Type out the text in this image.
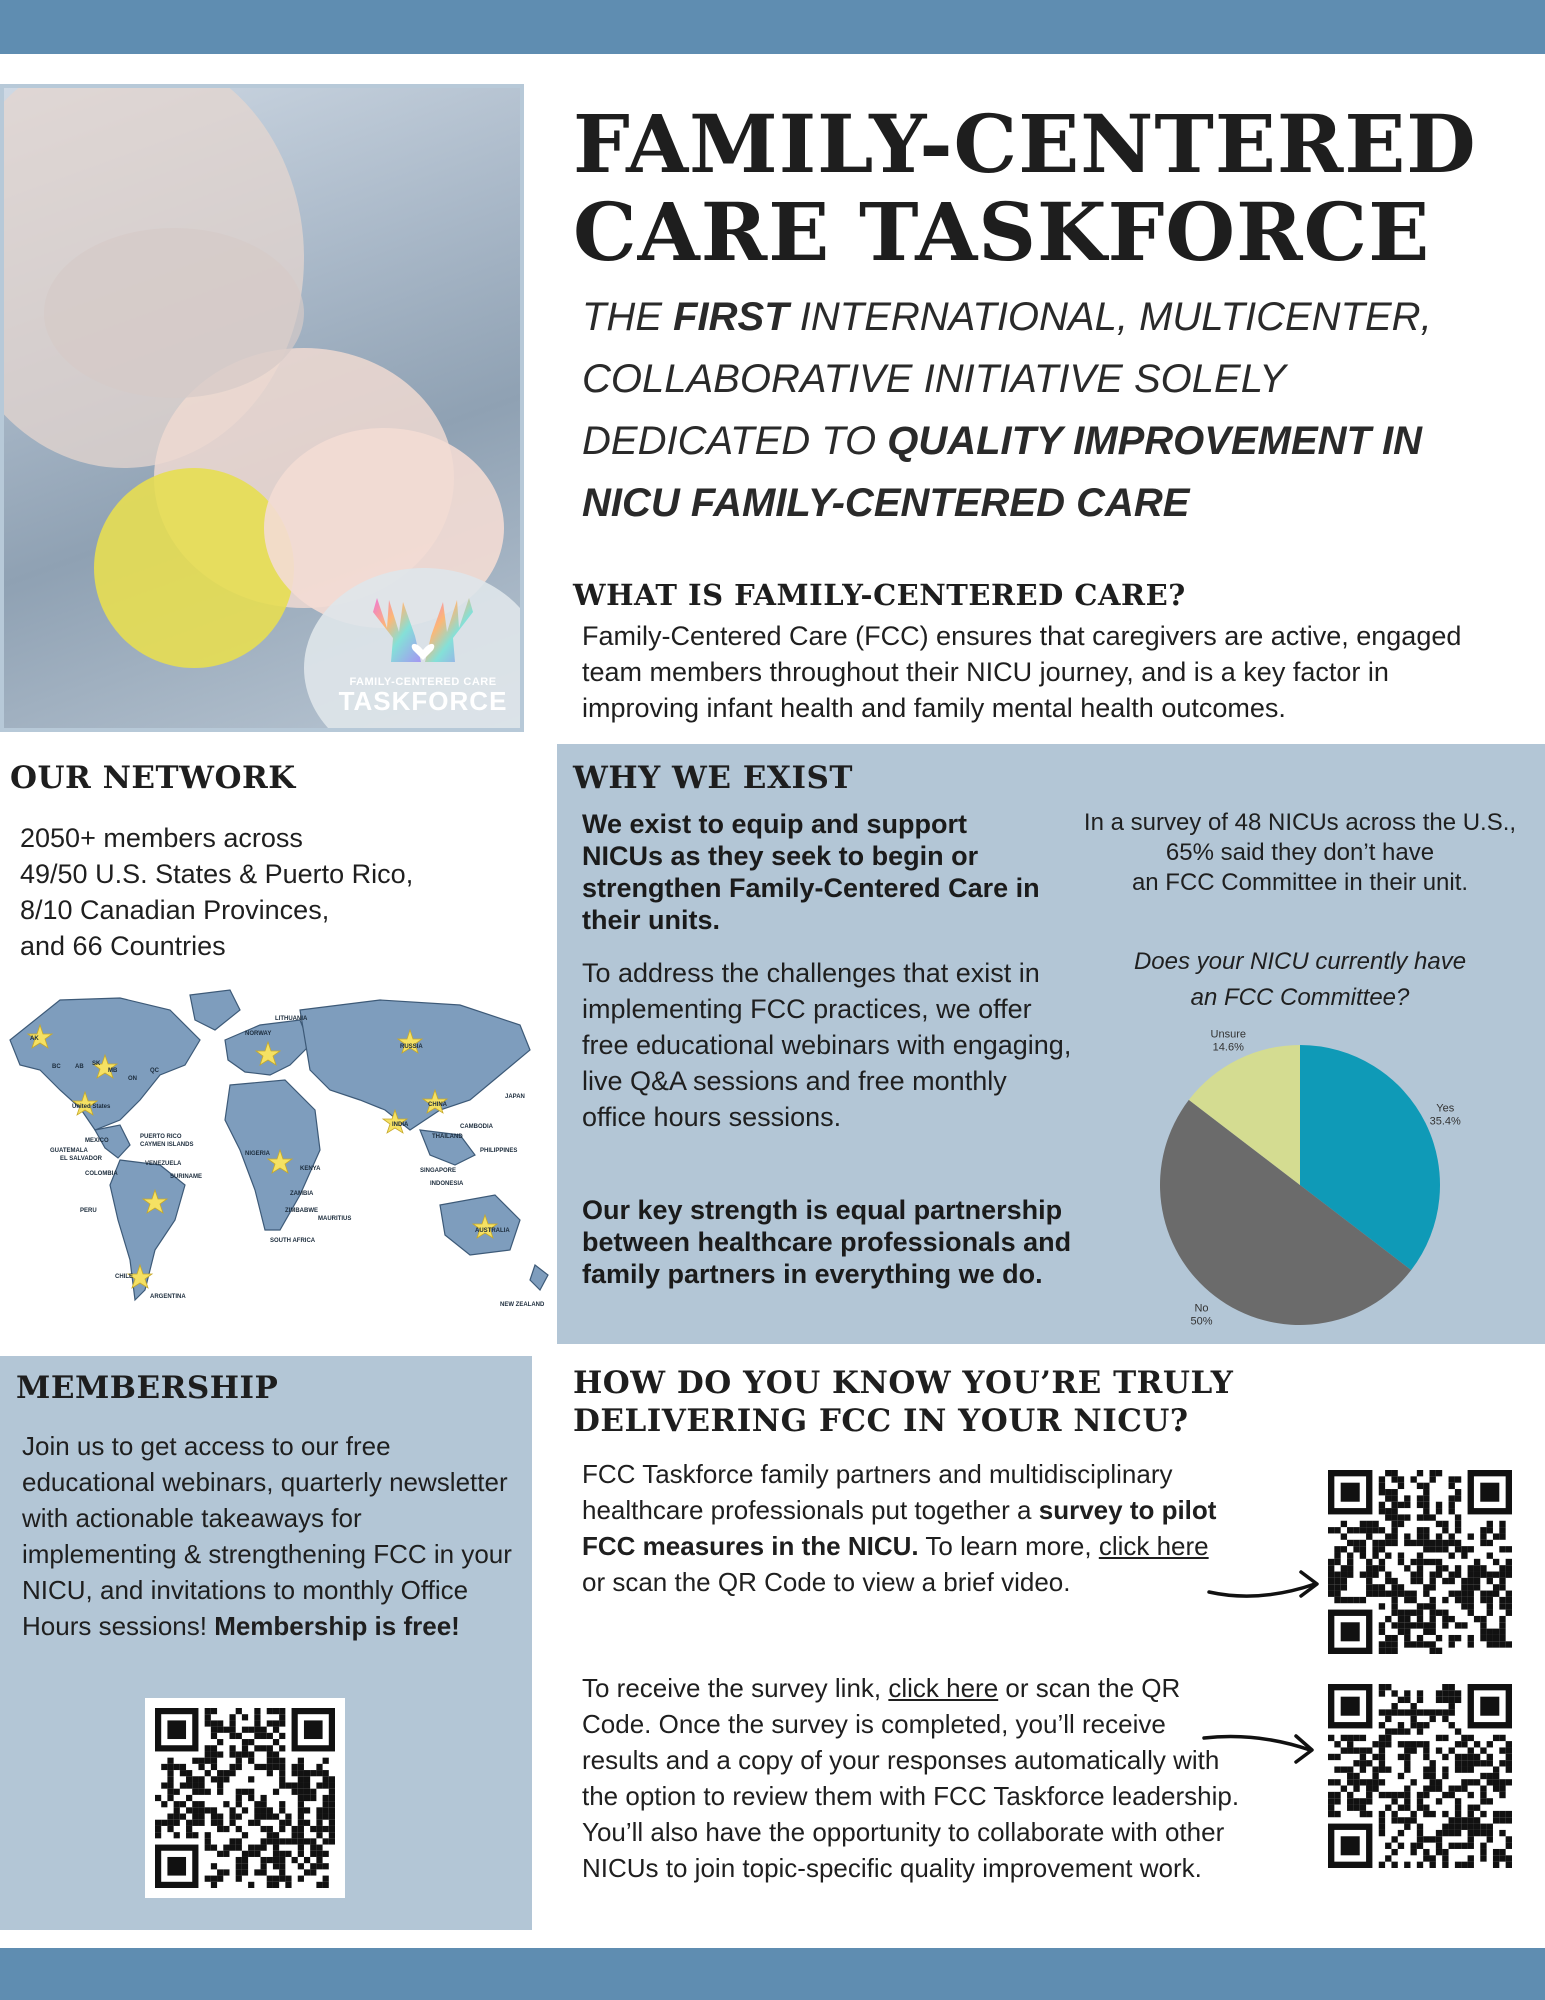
FAMILY-CENTERED CARE
TASKFORCE
FAMILY-CENTERED
CARE TASKFORCE
THE FIRST INTERNATIONAL, MULTICENTER, COLLABORATIVE INITIATIVE SOLELY DEDICATED TO QUALITY IMPROVEMENT IN NICU FAMILY-CENTERED CARE
WHAT IS FAMILY-CENTERED CARE?
Family-Centered Care (FCC) ensures that caregivers are active, engaged team members throughout their NICU journey, and is a key factor in improving infant health and family mental health outcomes.
OUR NETWORK
2050+ members across
49/50 U.S. States & Puerto Rico,
8/10 Canadian Provinces,
and 66 Countries
AK
BC AB SK
MB
ON
QC
United States
MEXICO
PUERTO RICO
CAYMEN ISLANDS
GUATEMALA
EL SALVADOR
COLOMBIA
VENEZUELA
SURINAME
PERU
CHILE
ARGENTINA
RUSSIA
CHINA
JAPAN
INDIA
PHILIPPINES
AUSTRALIA
NEW ZEALAND
SOUTH AFRICA
NIGERIA
KENYA
ZAMBIA
ZIMBABWE
MAURITIUS
INDONESIA
SINGAPORE
CAMBODIA
THAILAND
LITHUANIA
NORWAY
WHY WE EXIST
We exist to equip and support NICUs as they seek to begin or strengthen Family-Centered Care in their units.
To address the challenges that exist in implementing FCC practices, we offer free educational webinars with engaging, live Q&A sessions and free monthly office hours sessions.
Our key strength is equal partnership between healthcare professionals and family partners in everything we do.
In a survey of 48 NICUs across the U.S.,
65% said they don’t have
an FCC Committee in their unit.
Does your NICU currently have
an FCC Committee?
Yes
35.4%
No
50%
Unsure
14.6%
MEMBERSHIP
Join us to get access to our free educational webinars, quarterly newsletter with actionable takeaways for implementing & strengthening FCC in your NICU, and invitations to monthly Office Hours sessions! Membership is free!
HOW DO YOU KNOW YOU’RE TRULY
DELIVERING FCC IN YOUR NICU?
FCC Taskforce family partners and multidisciplinary healthcare professionals put together a survey to pilot FCC measures in the NICU. To learn more, click here or scan the QR Code to view a brief video.
To receive the survey link, click here or scan the QR Code. Once the survey is completed, you’ll receive results and a copy of your responses automatically with the option to review them with FCC Taskforce leadership. You’ll also have the opportunity to collaborate with other NICUs to join topic-specific quality improvement work.
